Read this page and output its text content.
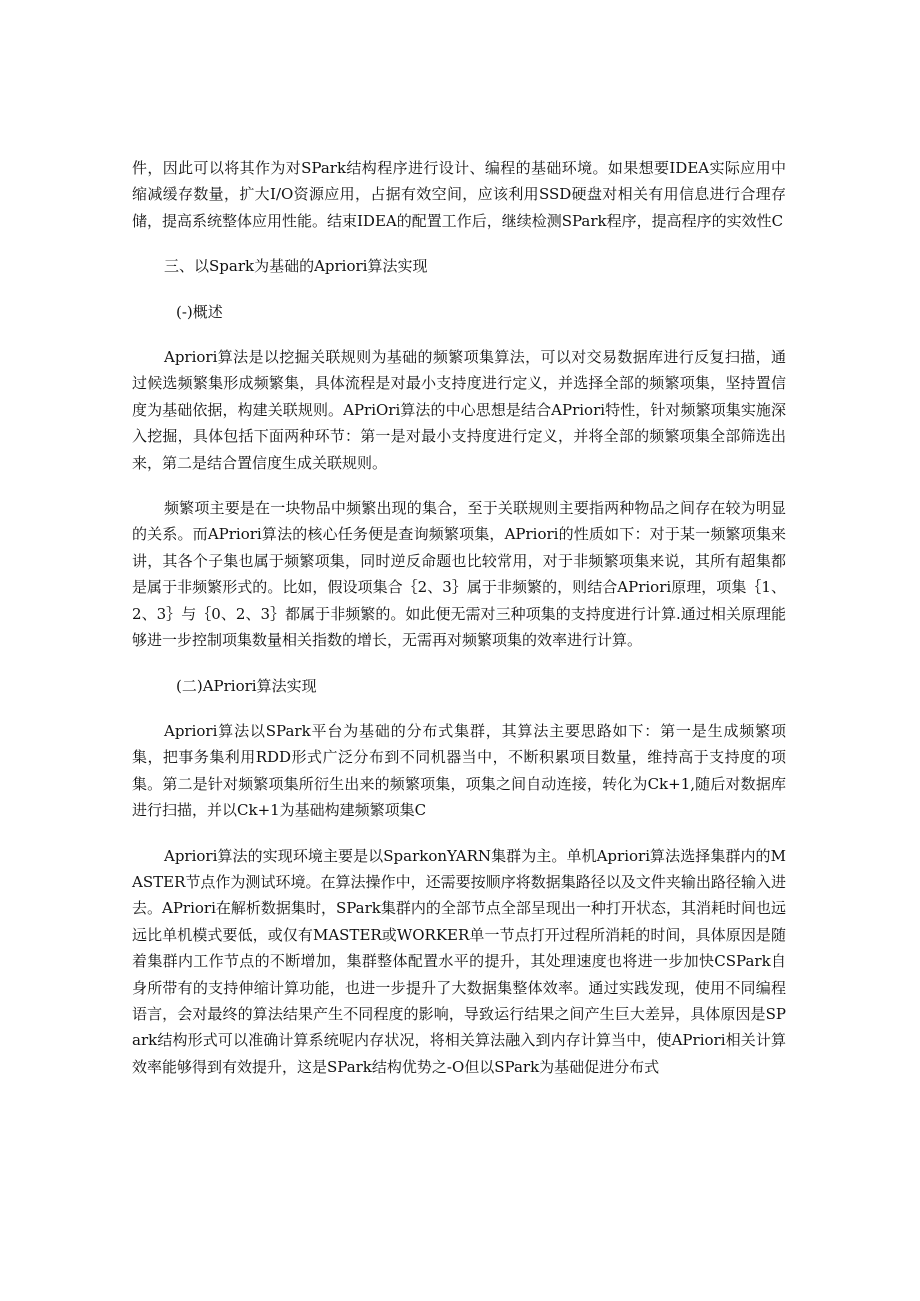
件，因此可以将其作为对SPark结构程序进行设计、编程的基础环境。如果想要IDEA实际应用中缩减缓存数量，扩大I/O资源应用，占据有效空间，应该利用SSD硬盘对相关有用信息进行合理存储，提高系统整体应用性能。结束IDEA的配置工作后，继续检测SPark程序，提高程序的实效性C

三、以Spark为基础的Apriori算法实现
(-)概述

Apriori算法是以挖掘关联规则为基础的频繁项集算法，可以对交易数据库进行反复扫描，通过候选频繁集形成频繁集，具体流程是对最小支持度进行定义，并选择全部的频繁项集，坚持置信度为基础依据，构建关联规则。APriOri算法的中心思想是结合APriori特性，针对频繁项集实施深入挖掘，具体包括下面两种环节：第一是对最小支持度进行定义，并将全部的频繁项集全部筛选出来，第二是结合置信度生成关联规则。

频繁项主要是在一块物品中频繁出现的集合，至于关联规则主要指两种物品之间存在较为明显的关系。而APriori算法的核心任务便是查询频繁项集，APriori的性质如下：对于某一频繁项集来讲，其各个子集也属于频繁项集，同时逆反命题也比较常用，对于非频繁项集来说，其所有超集都是属于非频繁形式的。比如，假设项集合｛2、3｝属于非频繁的，则结合APriori原理，项集｛1、2、3｝与｛0、2、3｝都属于非频繁的。如此便无需对三种项集的支持度进行计算.通过相关原理能够进一步控制项集数量相关指数的增长，无需再对频繁项集的效率进行计算。

(二)APriori算法实现

Apriori算法以SPark平台为基础的分布式集群，其算法主要思路如下：第一是生成频繁项集，把事务集利用RDD形式广泛分布到不同机器当中，不断积累项目数量，维持高于支持度的项集。第二是针对频繁项集所衍生出来的频繁项集，项集之间自动连接，转化为Ck+1,随后对数据库进行扫描，并以Ck+1为基础构建频繁项集C

Apriori算法的实现环境主要是以SparkonYARN集群为主。单机Apriori算法选择集群内的MASTER节点作为测试环境。在算法操作中，还需要按顺序将数据集路径以及文件夹输出路径输入进去。APriori在解析数据集时，SPark集群内的全部节点全部呈现出一种打开状态，其消耗时间也远远比单机模式要低，或仅有MASTER或WORKER单一节点打开过程所消耗的时间，具体原因是随着集群内工作节点的不断增加，集群整体配置水平的提升，其处理速度也将进一步加快CSPark自身所带有的支持伸缩计算功能，也进一步提升了大数据集整体效率。通过实践发现，使用不同编程语言，会对最终的算法结果产生不同程度的影响，导致运行结果之间产生巨大差异，具体原因是SPark结构形式可以准确计算系统呢内存状况，将相关算法融入到内存计算当中，使APriori相关计算效率能够得到有效提升，这是SPark结构优势之-O但以SPark为基础促进分布式
